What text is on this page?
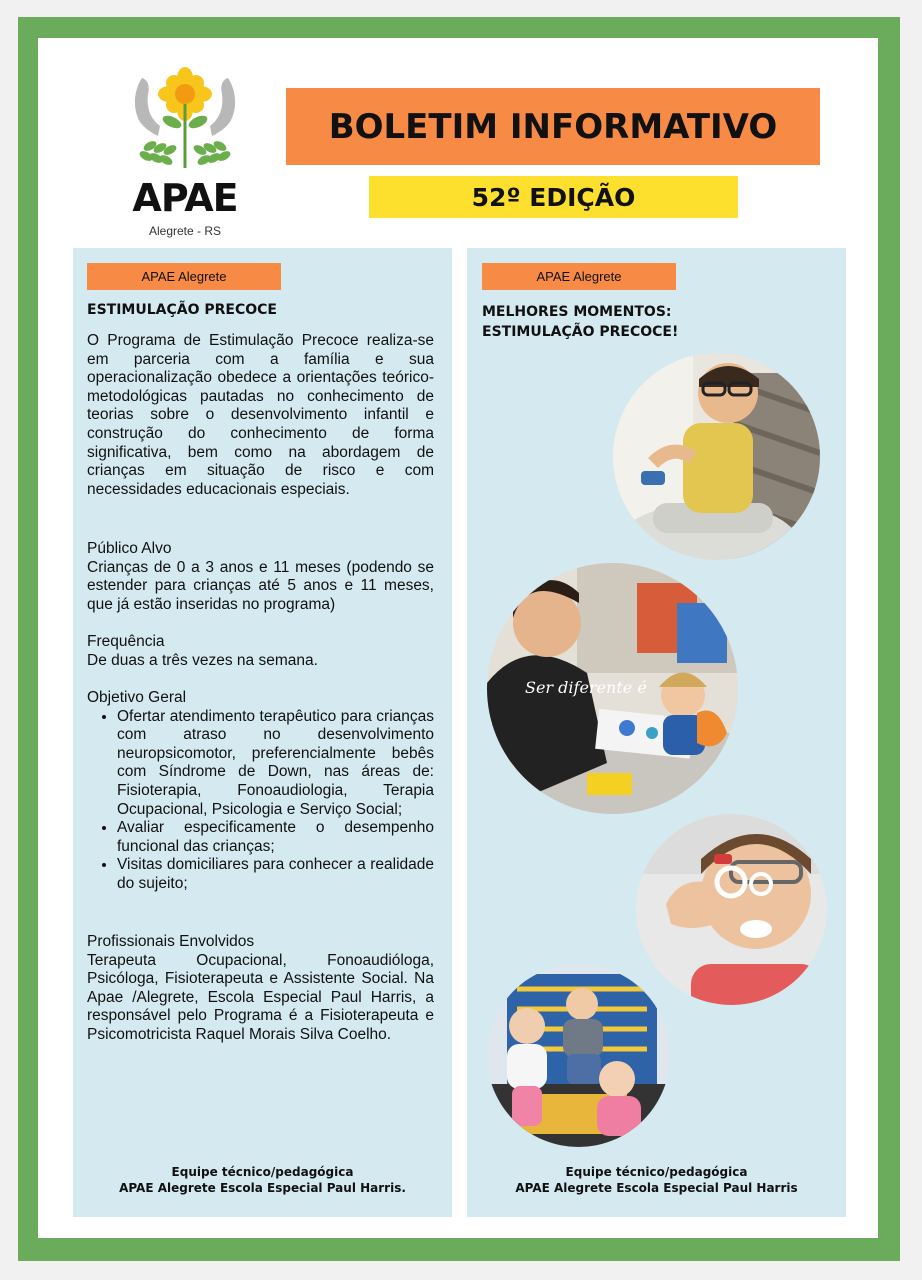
APAE
Alegrete - RS
BOLETIM INFORMATIVO
52º EDIÇÃO
APAE Alegrete
ESTIMULAÇÃO PRECOCE
O Programa de Estimulação Precoce realiza-se em parceria com a família e sua operacionalização obedece a orientações teórico-metodológicas pautadas no conhecimento de teorias sobre o desenvolvimento infantil e construção do conhecimento de forma significativa, bem como na abordagem de crianças em situação de risco e com necessidades educacionais especiais.

Público Alvo

Crianças de 0 a 3 anos e 11 meses (podendo se estender para crianças até 5 anos e 11 meses, que já estão inseridas no programa)

Frequência

De duas a três vezes na semana.

Objetivo Geral

• Ofertar atendimento terapêutico para crianças com atraso no desenvolvimento neuropsicomotor, preferencialmente bebês com Síndrome de Down, nas áreas de: Fisioterapia, Fonoaudiologia, Terapia Ocupacional, Psicologia e Serviço Social;
• Avaliar especificamente o desempenho funcional das crianças;
• Visitas domiciliares para conhecer a realidade do sujeito;

Profissionais Envolvidos

Terapeuta Ocupacional, Fonoaudióloga, Psicóloga, Fisioterapeuta e Assistente Social. Na Apae /Alegrete, Escola Especial Paul Harris, a responsável pelo Programa é a Fisioterapeuta e Psicomotricista Raquel Morais Silva Coelho.

Equipe técnico/pedagógica
APAE Alegrete Escola Especial Paul Harris.
APAE Alegrete
MELHORES MOMENTOS:
ESTIMULAÇÃO PRECOCE!
Ser diferente é
Equipe técnico/pedagógica
APAE Alegrete Escola Especial Paul Harris
